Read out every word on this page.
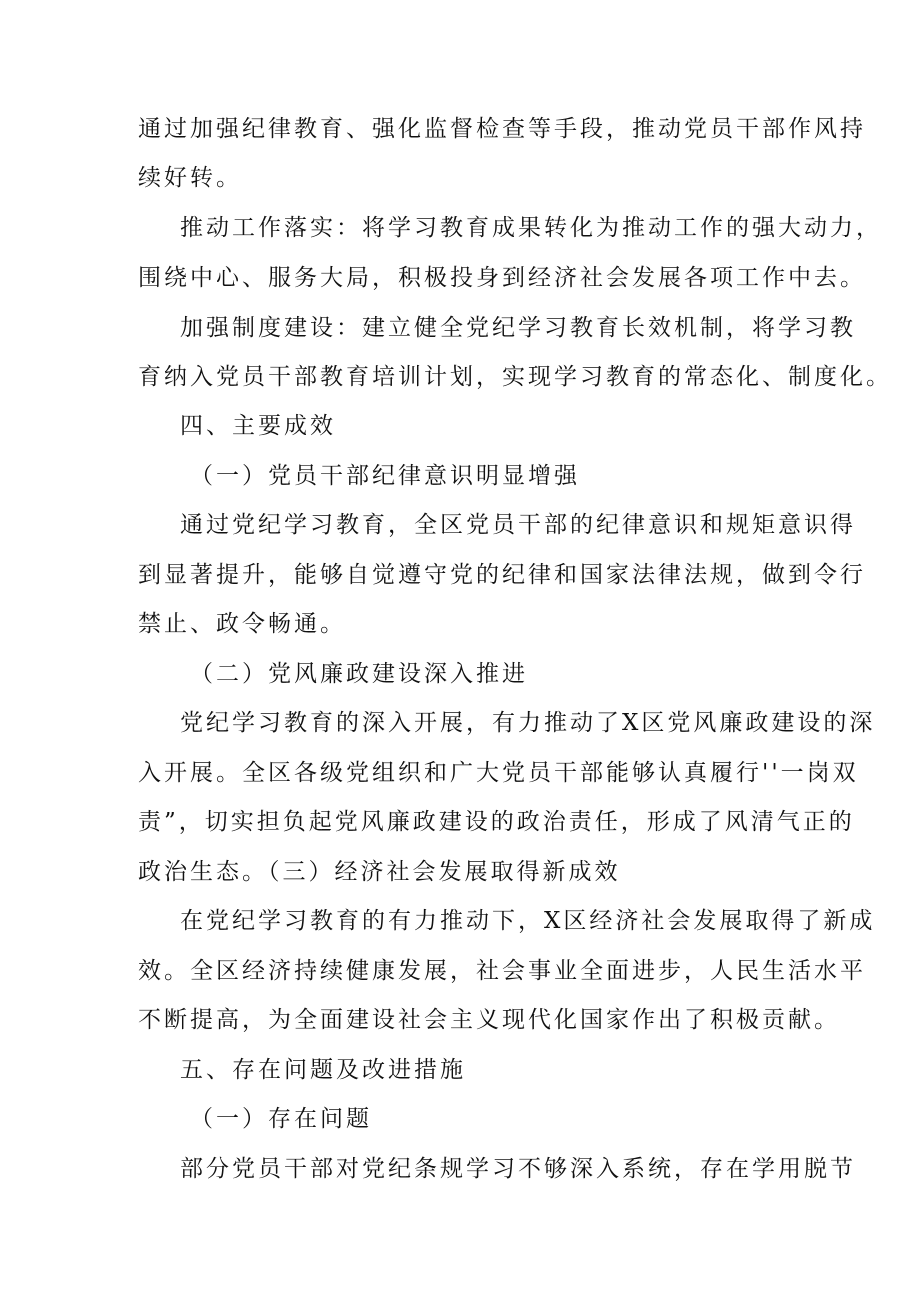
通过加强纪律教育、强化监督检查等手段，推动党员干部作风持
续好转。
推动工作落实：将学习教育成果转化为推动工作的强大动力，
围绕中心、服务大局，积极投身到经济社会发展各项工作中去。
加强制度建设：建立健全党纪学习教育长效机制，将学习教
育纳入党员干部教育培训计划，实现学习教育的常态化、制度化。
四、主要成效
（一）党员干部纪律意识明显增强
通过党纪学习教育，全区党员干部的纪律意识和规矩意识得
到显著提升，能够自觉遵守党的纪律和国家法律法规，做到令行
禁止、政令畅通。
（二）党风廉政建设深入推进
党纪学习教育的深入开展，有力推动了X区党风廉政建设的深
入开展。全区各级党组织和广大党员干部能够认真履行''一岗双
责”，切实担负起党风廉政建设的政治责任，形成了风清气正的
政治生态。（三）经济社会发展取得新成效
在党纪学习教育的有力推动下，X区经济社会发展取得了新成
效。全区经济持续健康发展，社会事业全面进步，人民生活水平
不断提高，为全面建设社会主义现代化国家作出了积极贡献。
五、存在问题及改进措施
（一）存在问题
部分党员干部对党纪条规学习不够深入系统，存在学用脱节
